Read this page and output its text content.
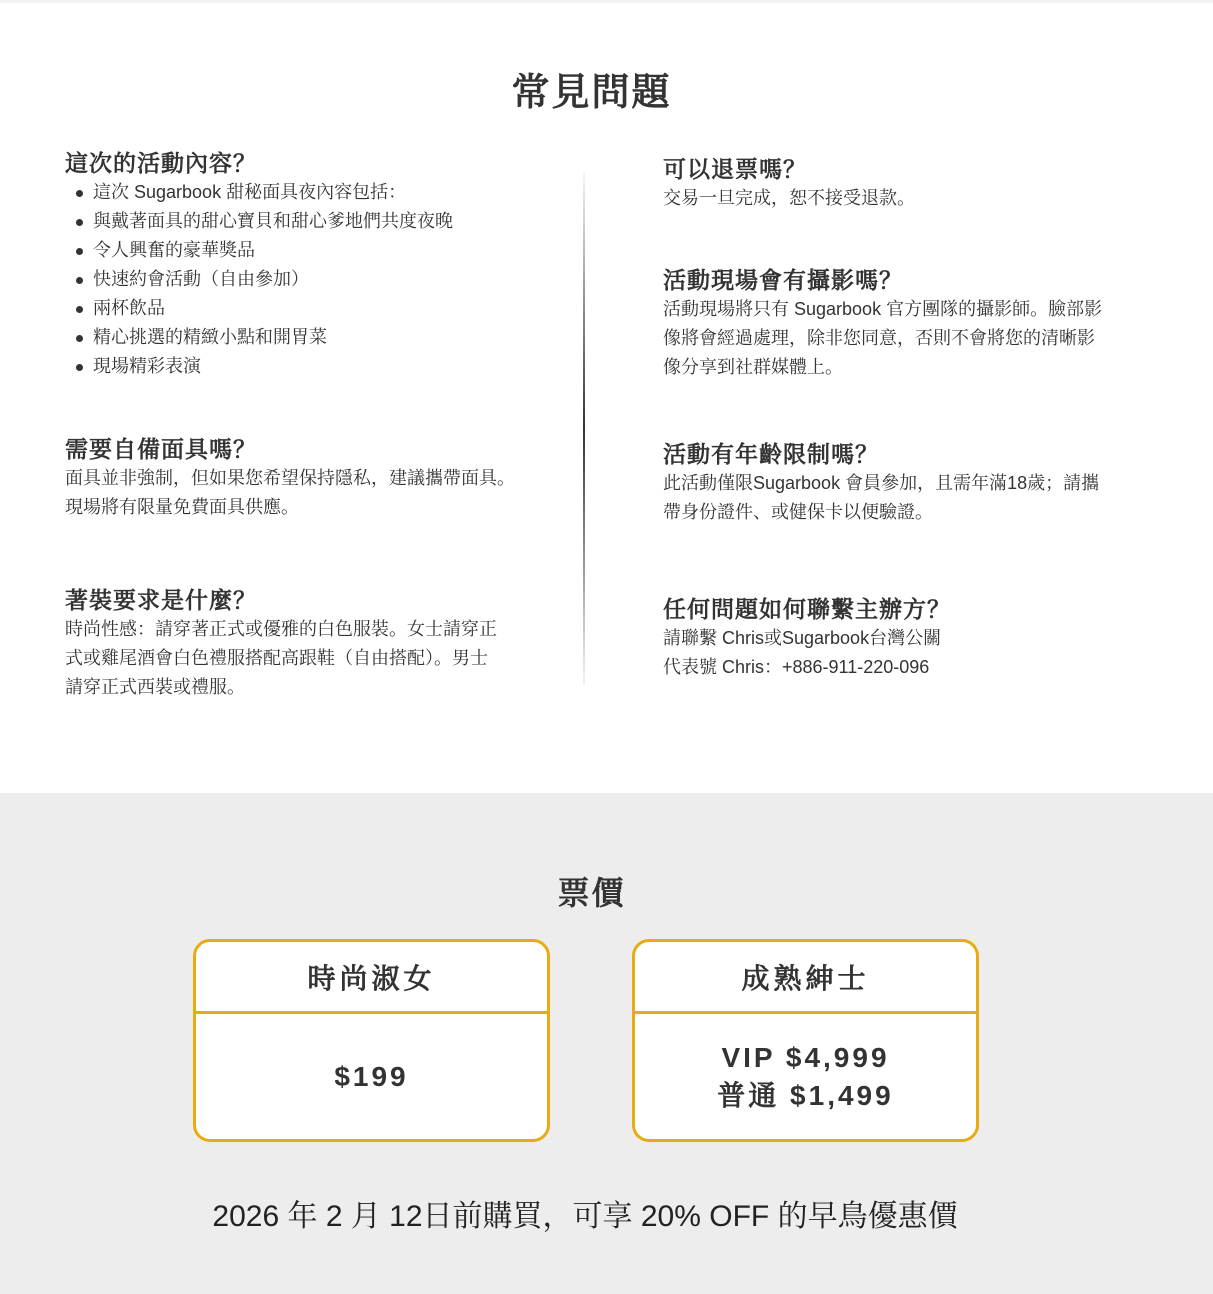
常見問題
這次的活動內容？
這次 Sugarbook 甜秘面具夜內容包括：
與戴著面具的甜心寶貝和甜心爹地們共度夜晚
令人興奮的豪華獎品
快速約會活動（自由參加）
兩杯飲品
精心挑選的精緻小點和開胃菜
現場精彩表演
需要自備面具嗎？
面具並非強制，但如果您希望保持隱私，建議攜帶面具。
現場將有限量免費面具供應。
著裝要求是什麼？
時尚性感：請穿著正式或優雅的白色服裝。女士請穿正
式或雞尾酒會白色禮服搭配高跟鞋（自由搭配）。男士
請穿正式西裝或禮服。
可以退票嗎？
交易一旦完成，恕不接受退款。
活動現場會有攝影嗎？
活動現場將只有 Sugarbook 官方團隊的攝影師。臉部影
像將會經過處理，除非您同意，否則不會將您的清晰影
像分享到社群媒體上。
活動有年齡限制嗎？
此活動僅限Sugarbook 會員參加，且需年滿18歲；請攜
帶身份證件、或健保卡以便驗證。
任何問題如何聯繫主辦方？
請聯繫 Chris或Sugarbook台灣公關
代表號 Chris：+886-911-220-096
票價
時尚淑女
$199
成熟紳士
VIP $4,999
普通 $1,499
2026 年 2 月 12日前購買，可享 20% OFF 的早鳥優惠價
